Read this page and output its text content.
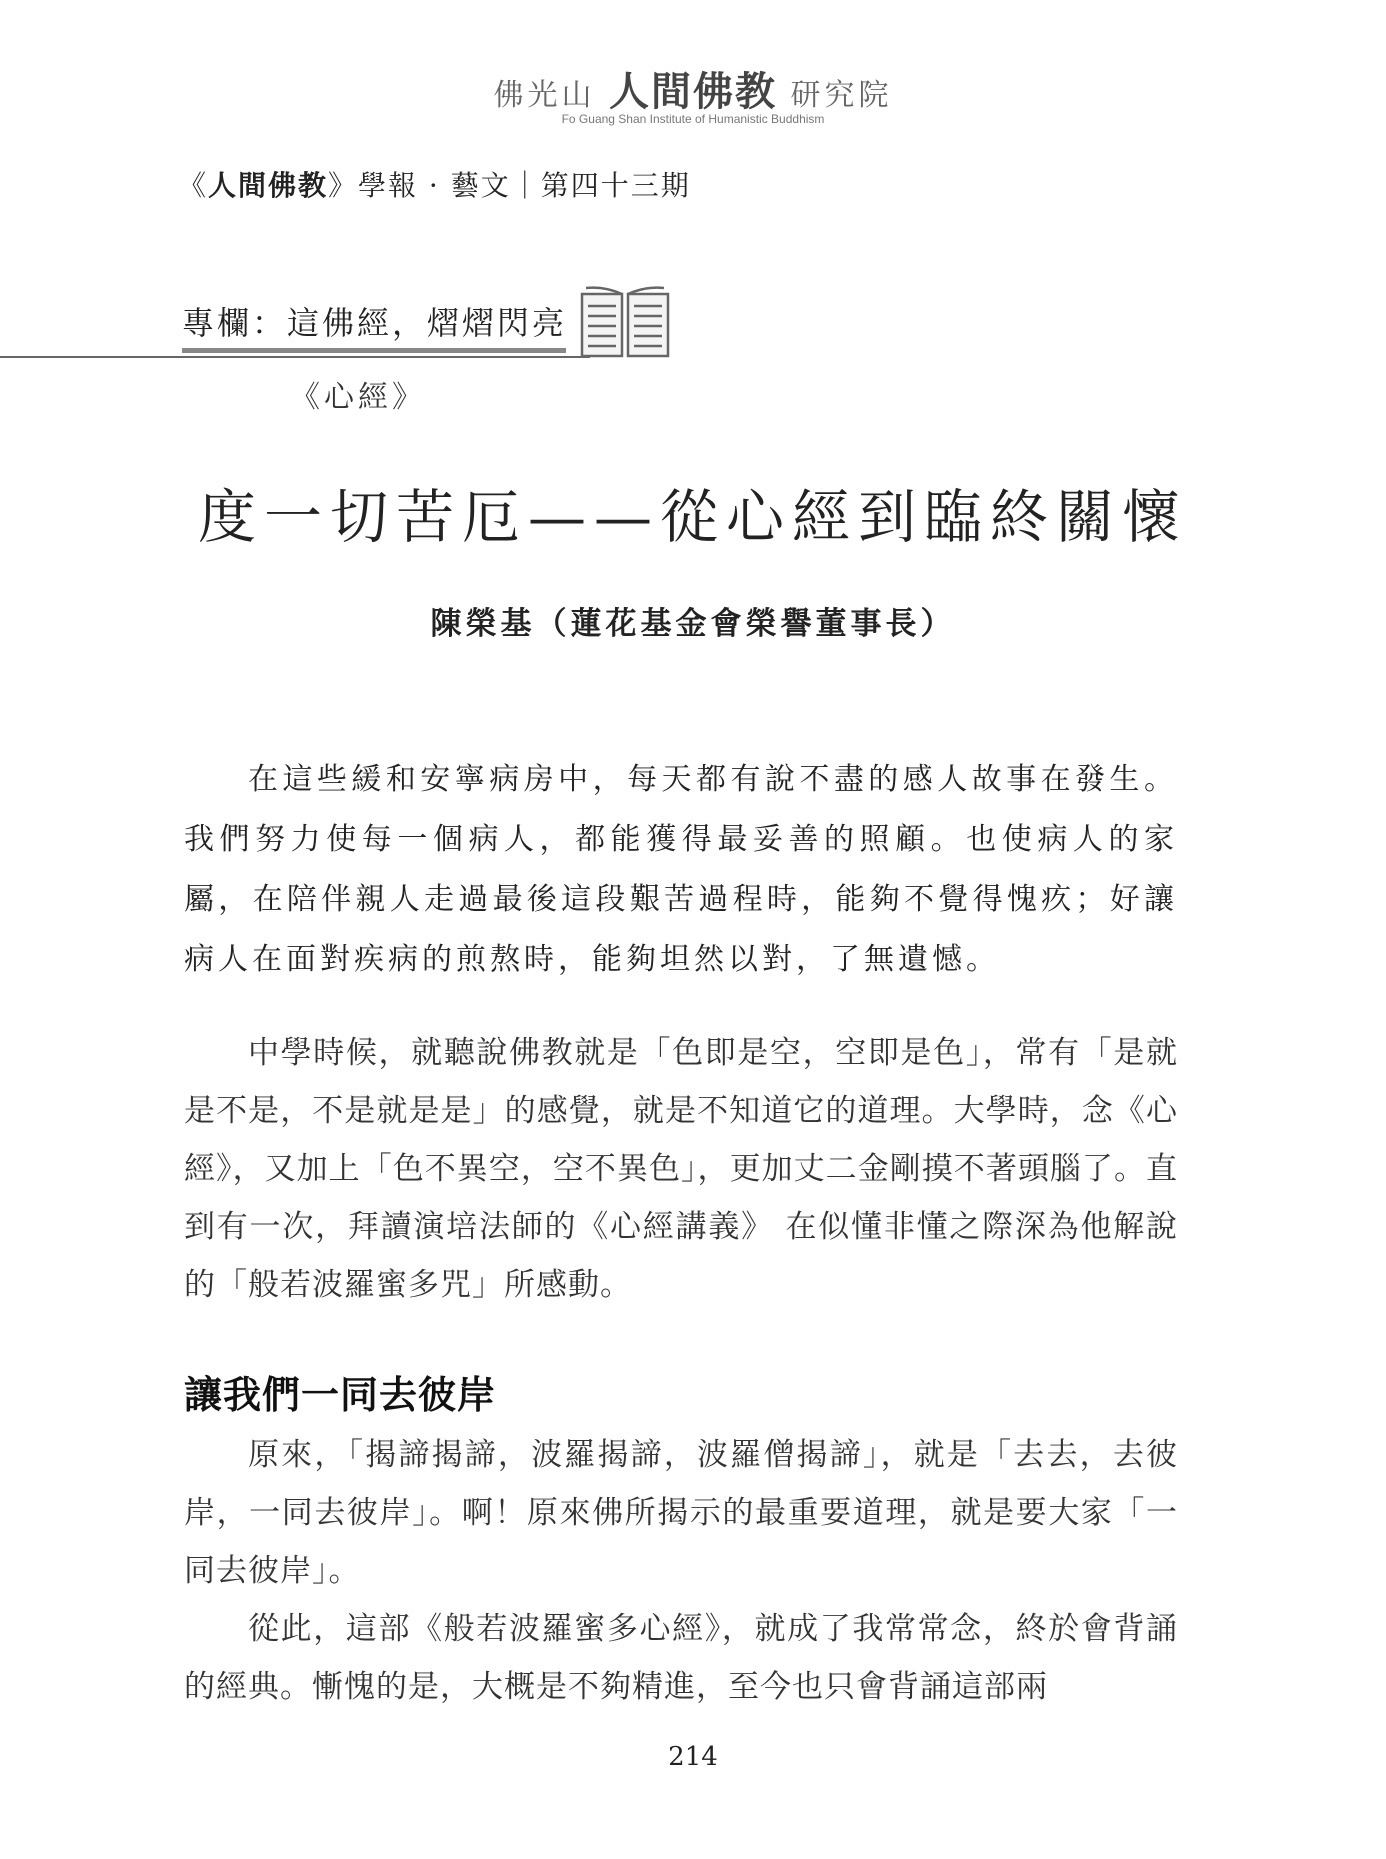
佛光山 人間佛教 研究院
Fo Guang Shan Institute of Humanistic Buddhism
《人間佛教》學報 · 藝文｜第四十三期
專欄：這佛經，熠熠閃亮
《心經》
度一切苦厄——從心經到臨終關懷
陳榮基（蓮花基金會榮譽董事長）

在這些緩和安寧病房中，每天都有說不盡的感人故事在發生。我們努力使每一個病人，都能獲得最妥善的照顧。也使病人的家屬，在陪伴親人走過最後這段艱苦過程時，能夠不覺得愧疚；好讓病人在面對疾病的煎熬時，能夠坦然以對，了無遺憾。

中學時候，就聽說佛教就是「色即是空，空即是色」，常有「是就是不是，不是就是是」的感覺，就是不知道它的道理。大學時，念《心經》，又加上「色不異空，空不異色」，更加丈二金剛摸不著頭腦了。直到有一次，拜讀演培法師的《心經講義》 在似懂非懂之際深為他解說的「般若波羅蜜多咒」所感動。

讓我們一同去彼岸

原來，「揭諦揭諦，波羅揭諦，波羅僧揭諦」，就是「去去，去彼岸，一同去彼岸」。啊！原來佛所揭示的最重要道理，就是要大家「一同去彼岸」。

從此，這部《般若波羅蜜多心經》，就成了我常常念，終於會背誦的經典。慚愧的是，大概是不夠精進，至今也只會背誦這部兩

214
